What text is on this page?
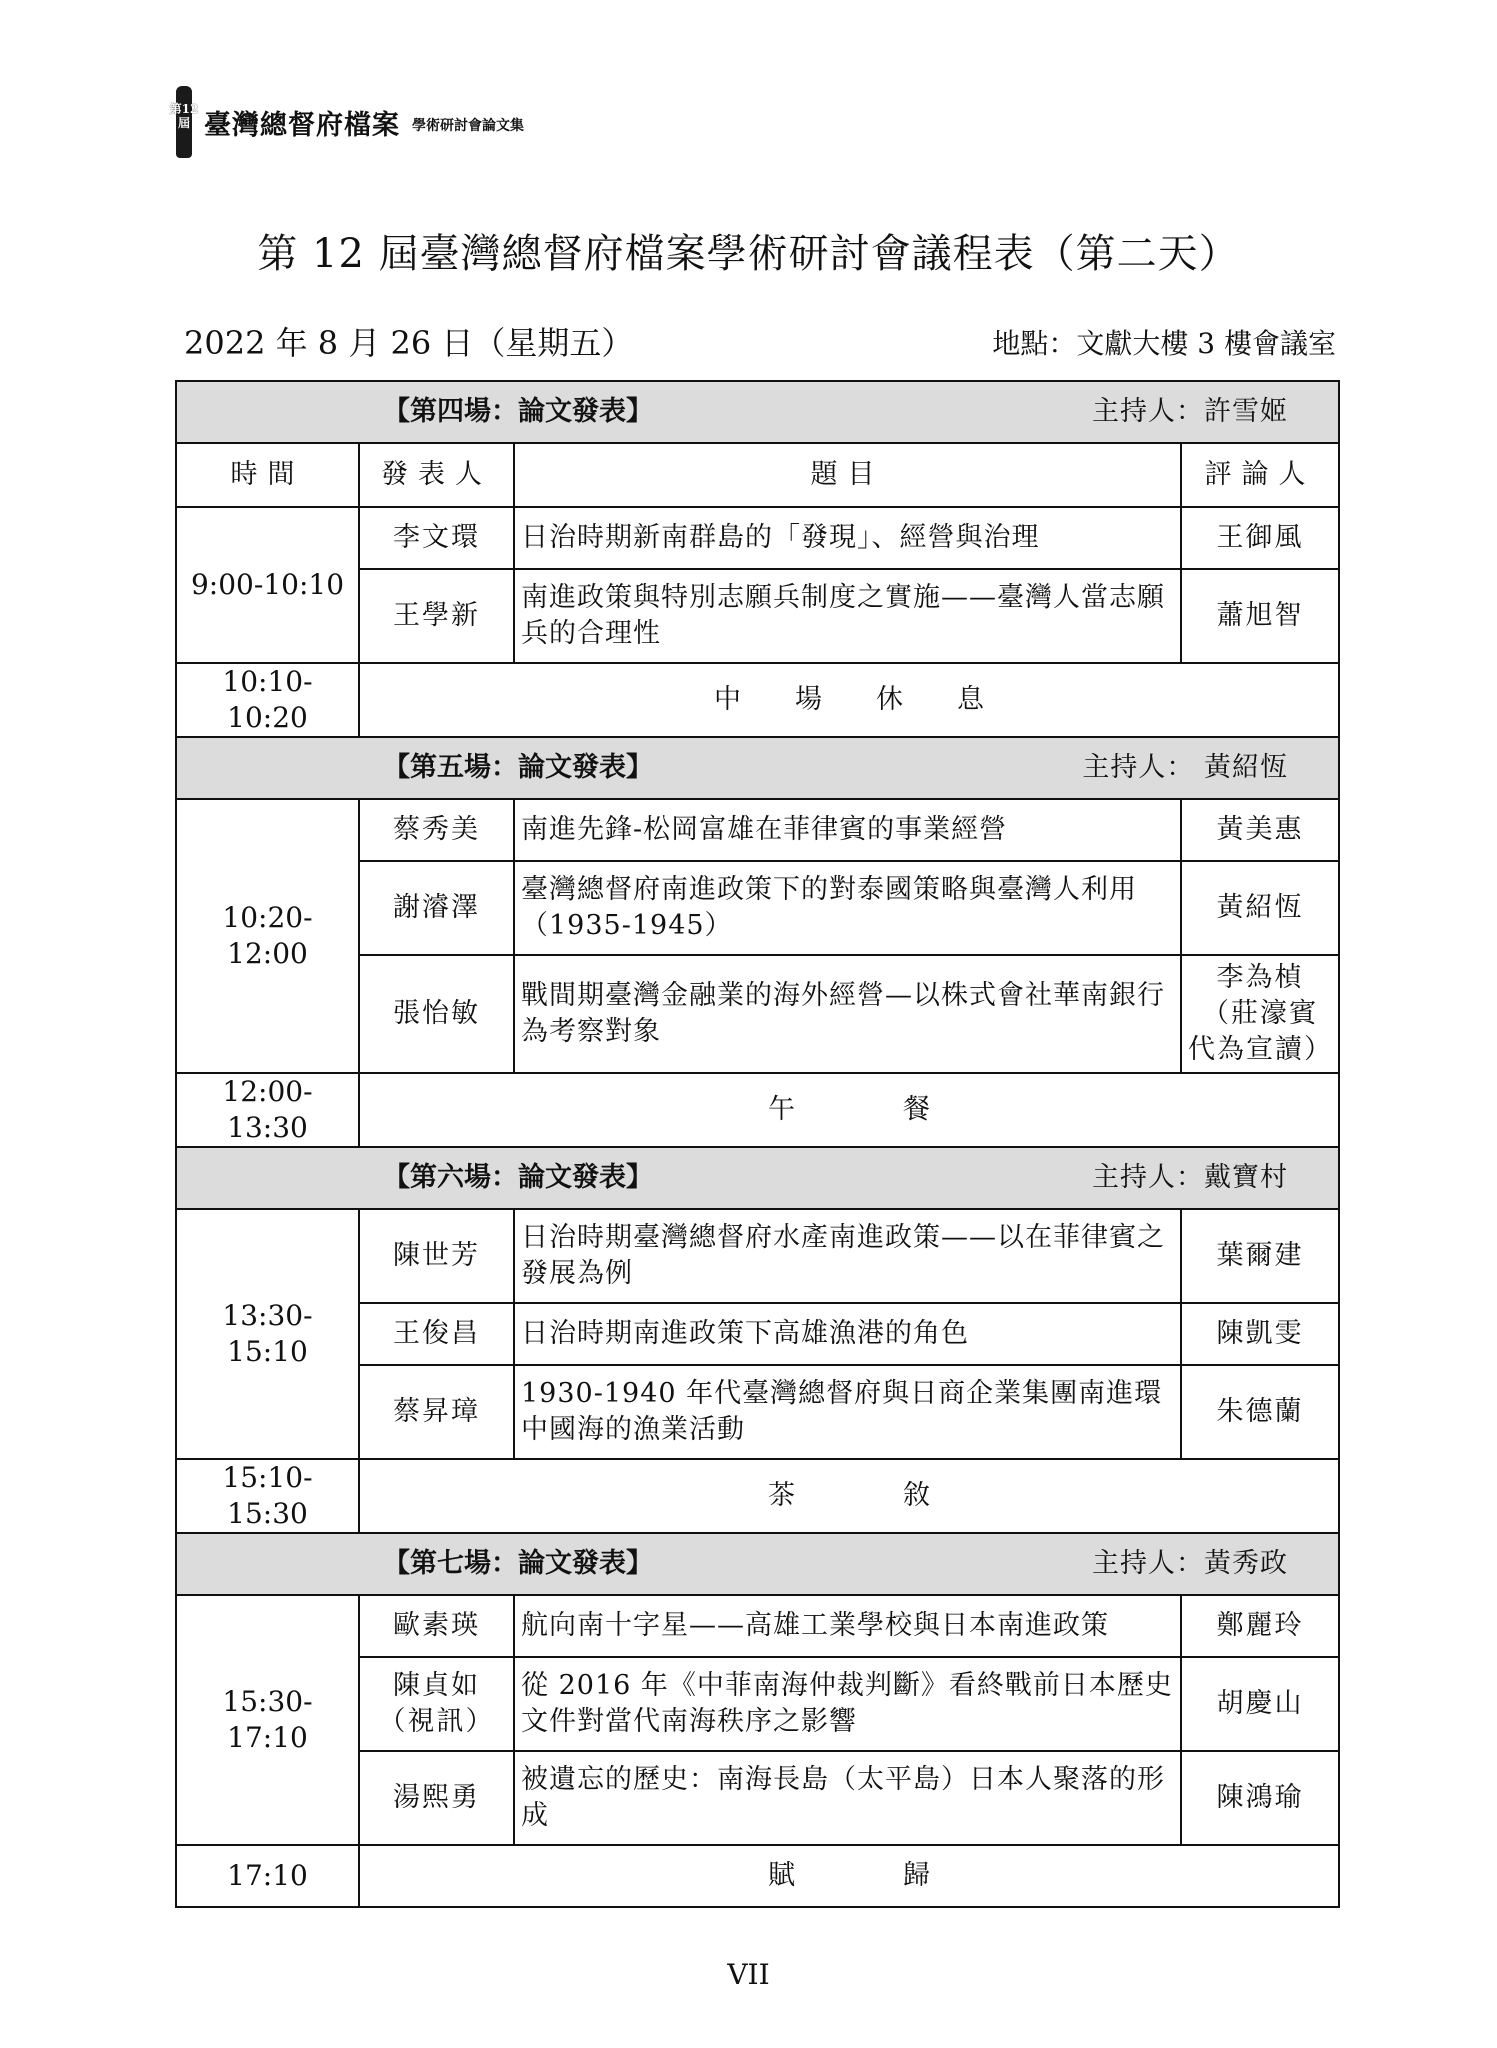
第12屆 臺灣總督府檔案 學術研討會論文集
第 12 屆臺灣總督府檔案學術研討會議程表（第二天）
2022 年 8 月 26 日（星期五）	地點：文獻大樓 3 樓會議室
【第四場：論文發表】 主持人：許雪姬			

時間	發表人	題目	評論人
9:00-10:10	李文環	日治時期新南群島的「發現」、經營與治理	王御風
	王學新	南進政策與特別志願兵制度之實施——臺灣人當志願兵的合理性	蕭旭智
10:10-10:20	中　　場　　休　　息		

【第五場：論文發表】 主持人： 黃紹恆			

10:20-12:00	蔡秀美	南進先鋒-松岡富雄在菲律賓的事業經營	黃美惠
	謝濬澤	臺灣總督府南進政策下的對泰國策略與臺灣人利用（1935-1945）	黃紹恆
	張怡敏	戰間期臺灣金融業的海外經營—以株式會社華南銀行為考察對象	李為楨（莊濠賓代為宣讀）
12:00-13:30	午　　　　餐		

【第六場：論文發表】 主持人：戴寶村			

13:30-15:10	陳世芳	日治時期臺灣總督府水產南進政策——以在菲律賓之發展為例	葉爾建
	王俊昌	日治時期南進政策下高雄漁港的角色	陳凱雯
	蔡昇璋	1930-1940 年代臺灣總督府與日商企業集團南進環中國海的漁業活動	朱德蘭
15:10-15:30	茶　　　　敘		

【第七場：論文發表】 主持人：黃秀政			

15:30-17:10	歐素瑛	航向南十字星——高雄工業學校與日本南進政策	鄭麗玲
	陳貞如（視訊）	從 2016 年《中菲南海仲裁判斷》看終戰前日本歷史文件對當代南海秩序之影響	胡慶山
	湯熙勇	被遺忘的歷史：南海長島（太平島）日本人聚落的形成	陳鴻瑜
17:10	賦　　　　歸		
VII
